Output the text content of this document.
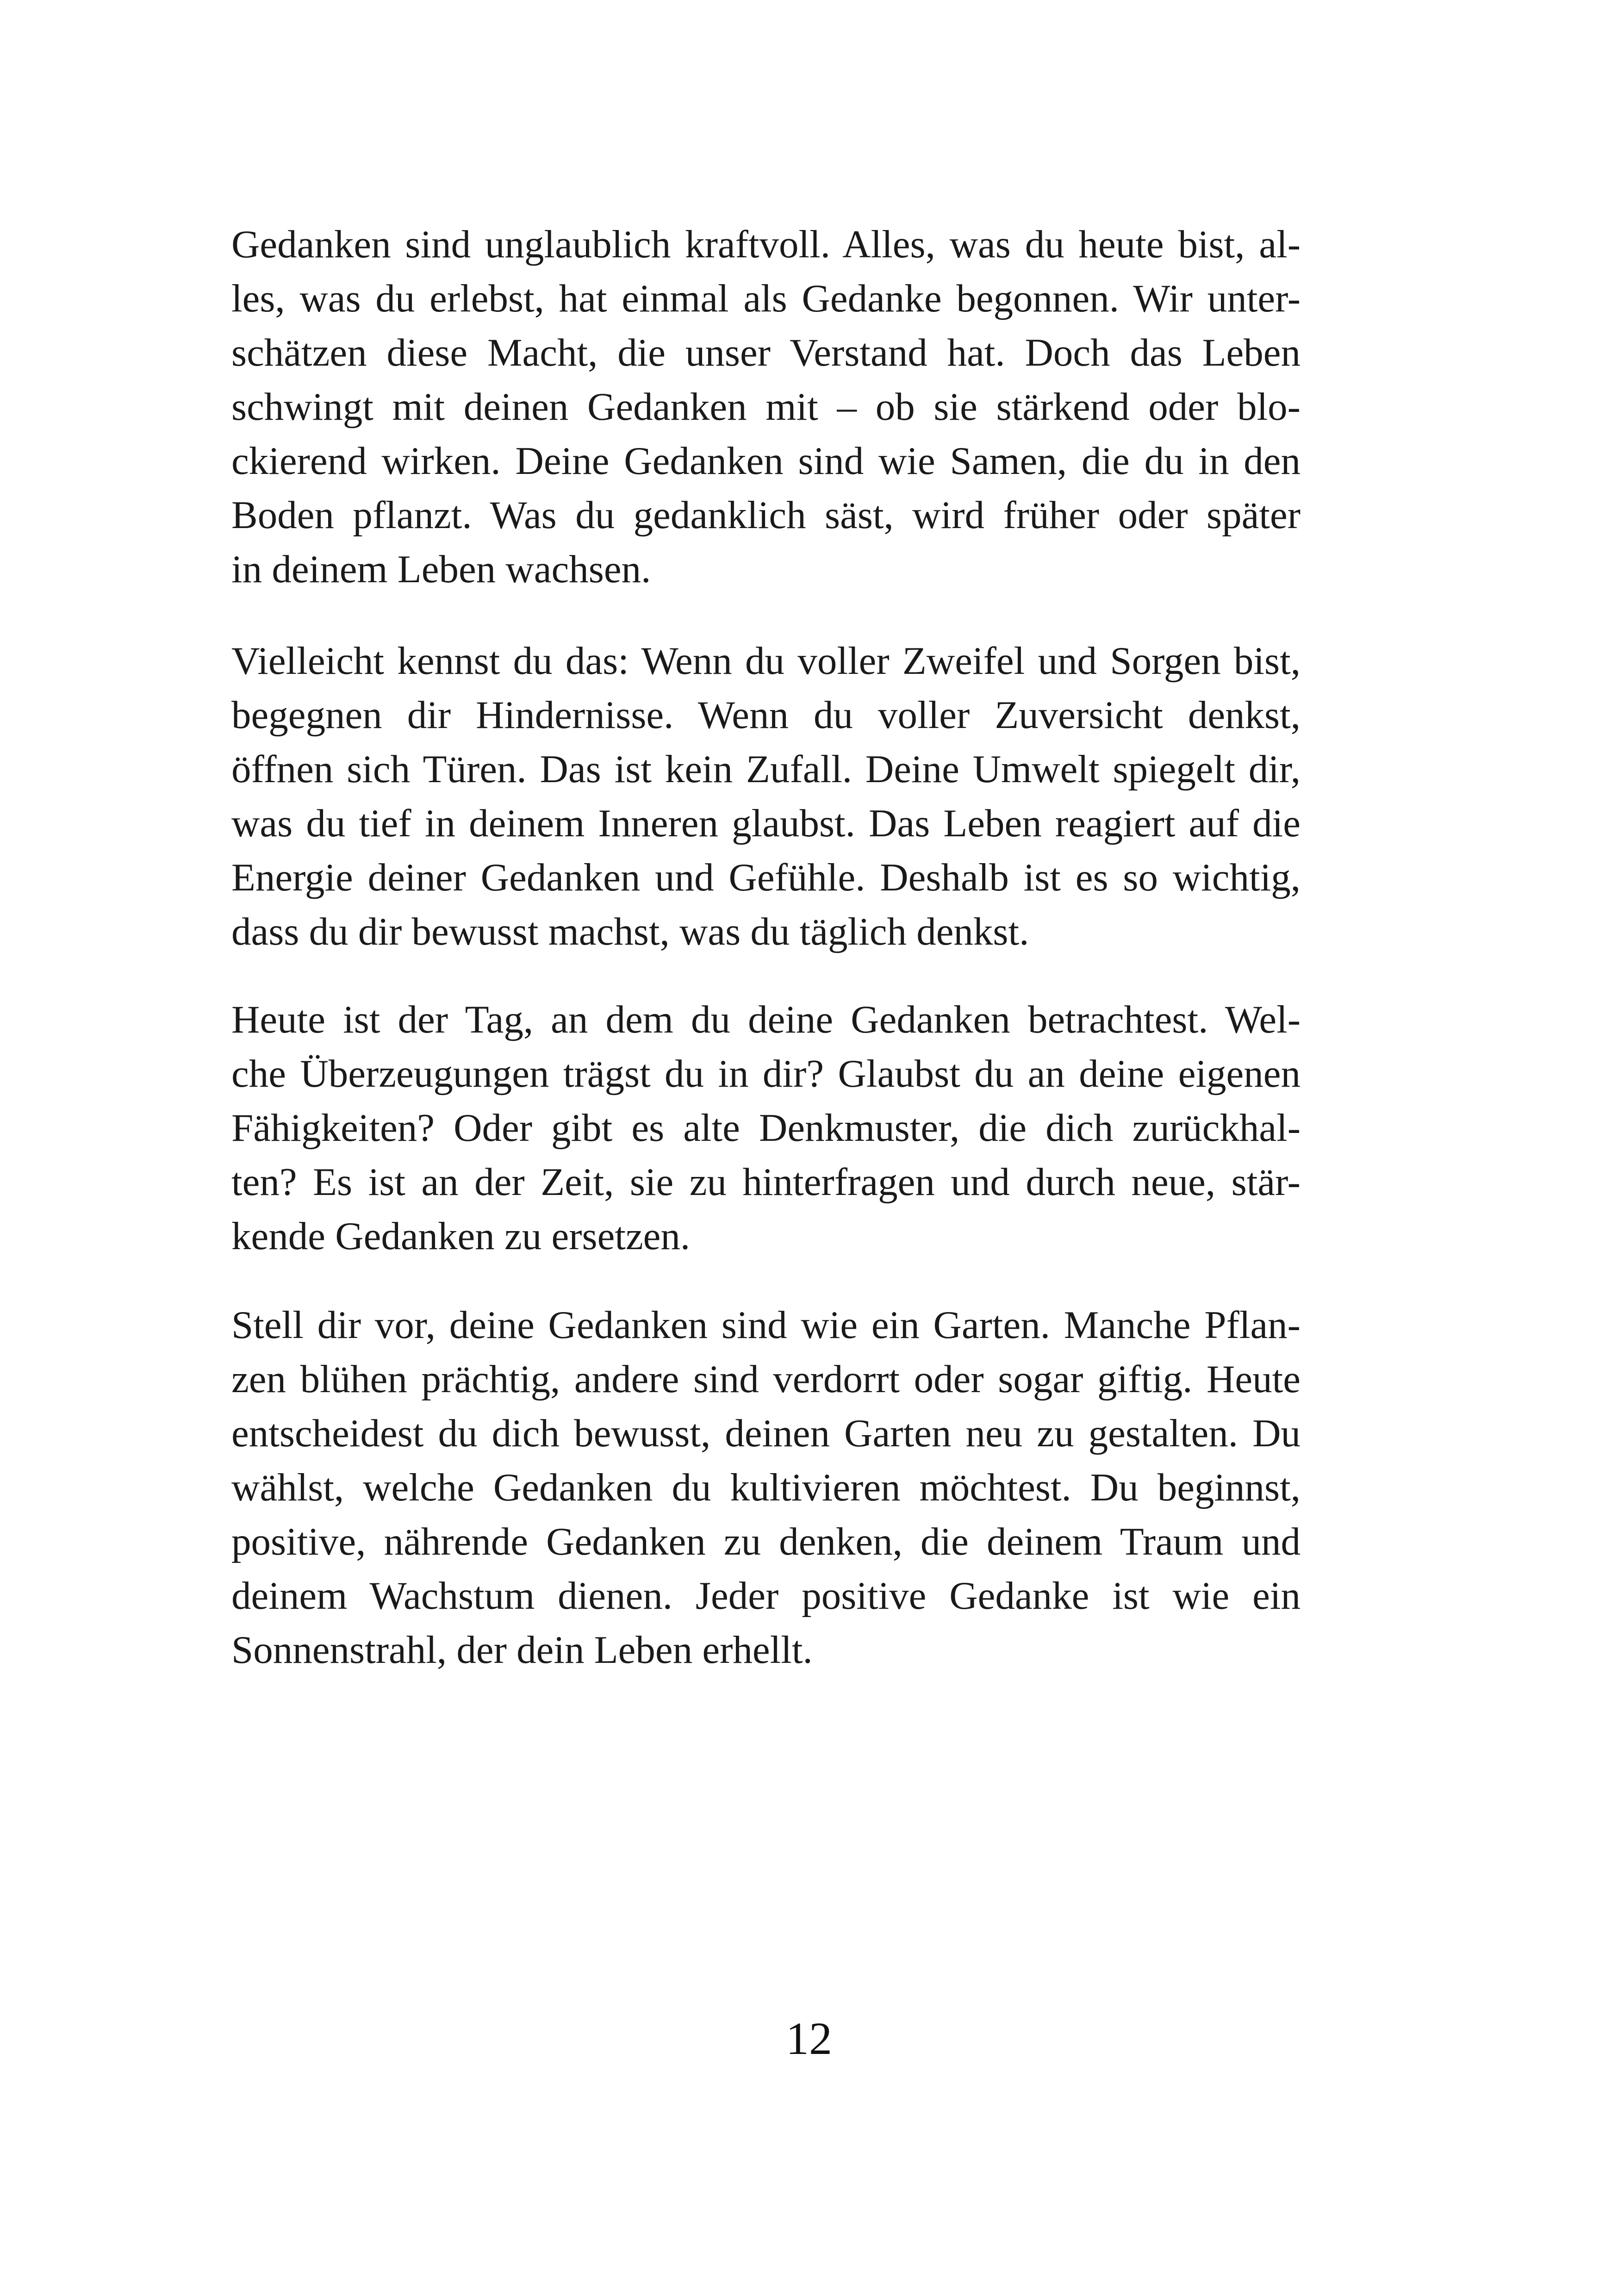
Gedanken sind unglaublich kraftvoll. Alles, was du heute bist, al-
les, was du erlebst, hat einmal als Gedanke begonnen. Wir unter-
schätzen diese Macht, die unser Verstand hat. Doch das Leben
schwingt mit deinen Gedanken mit – ob sie stärkend oder blo-
ckierend wirken. Deine Gedanken sind wie Samen, die du in den
Boden pflanzt. Was du gedanklich säst, wird früher oder später
in deinem Leben wachsen.
Vielleicht kennst du das: Wenn du voller Zweifel und Sorgen bist,
begegnen dir Hindernisse. Wenn du voller Zuversicht denkst,
öffnen sich Türen. Das ist kein Zufall. Deine Umwelt spiegelt dir,
was du tief in deinem Inneren glaubst. Das Leben reagiert auf die
Energie deiner Gedanken und Gefühle. Deshalb ist es so wichtig,
dass du dir bewusst machst, was du täglich denkst.
Heute ist der Tag, an dem du deine Gedanken betrachtest. Wel-
che Überzeugungen trägst du in dir? Glaubst du an deine eigenen
Fähigkeiten? Oder gibt es alte Denkmuster, die dich zurückhal-
ten? Es ist an der Zeit, sie zu hinterfragen und durch neue, stär-
kende Gedanken zu ersetzen.
Stell dir vor, deine Gedanken sind wie ein Garten. Manche Pflan-
zen blühen prächtig, andere sind verdorrt oder sogar giftig. Heute
entscheidest du dich bewusst, deinen Garten neu zu gestalten. Du
wählst, welche Gedanken du kultivieren möchtest. Du beginnst,
positive, nährende Gedanken zu denken, die deinem Traum und
deinem Wachstum dienen. Jeder positive Gedanke ist wie ein
Sonnenstrahl, der dein Leben erhellt.
12
